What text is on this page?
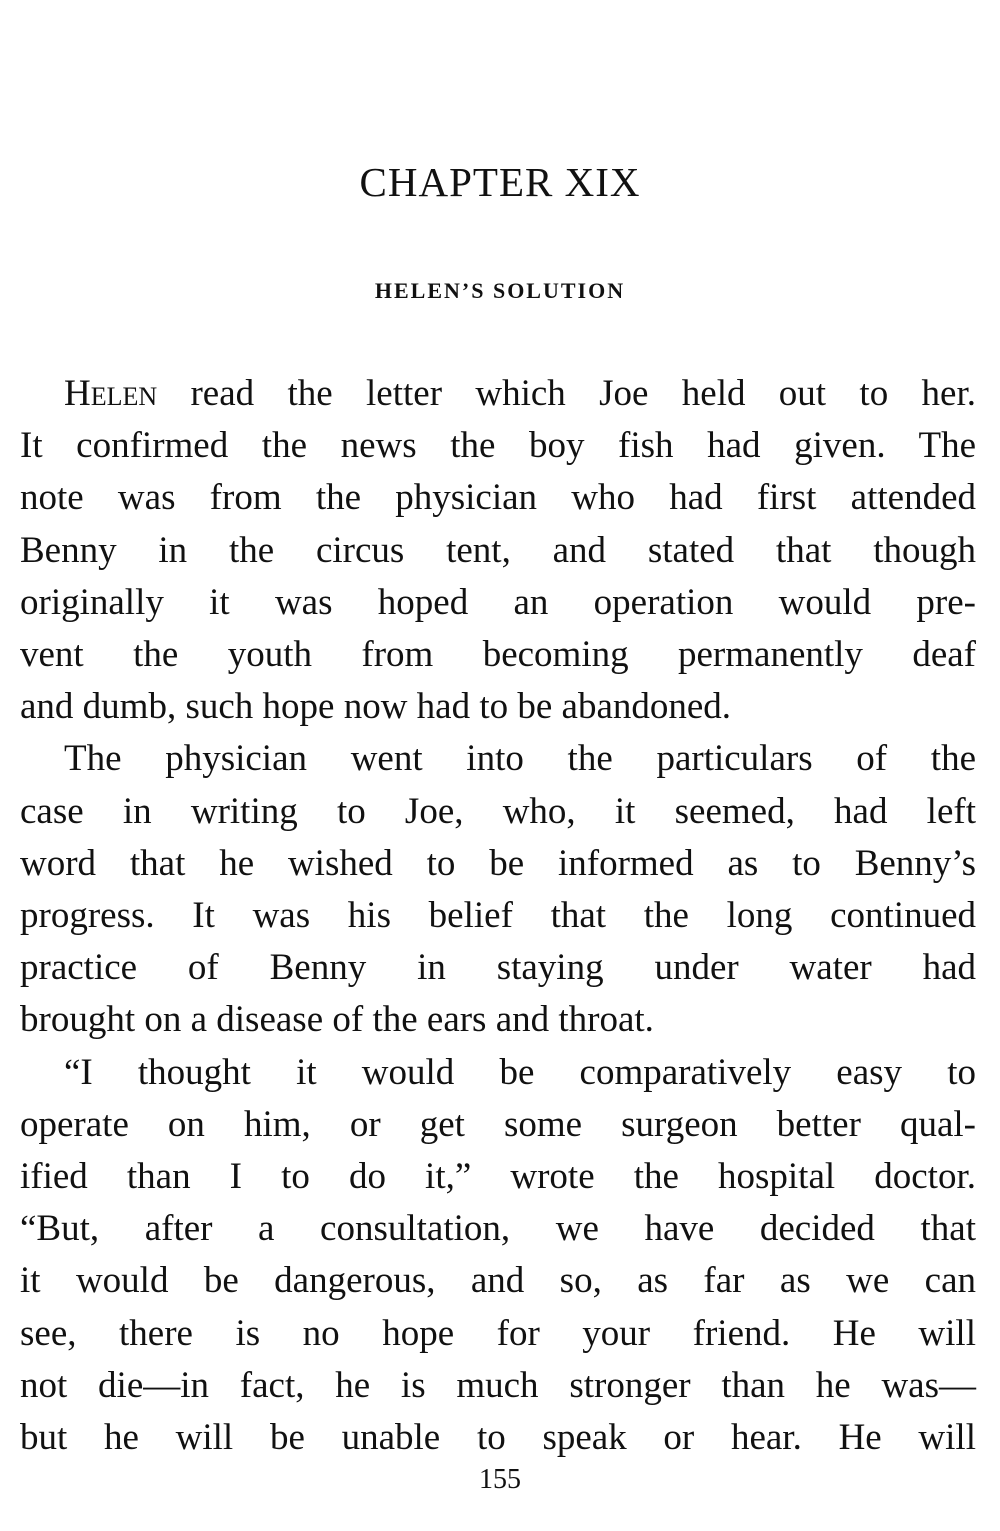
CHAPTER XIX
HELEN’S SOLUTION
Helen read the letter which Joe held out to her.
It confirmed the news the boy fish had given. The
note was from the physician who had first attended
Benny in the circus tent, and stated that though
originally it was hoped an operation would pre-
vent the youth from becoming permanently deaf
and dumb, such hope now had to be abandoned.
The physician went into the particulars of the
case in writing to Joe, who, it seemed, had left
word that he wished to be informed as to Benny’s
progress. It was his belief that the long continued
practice of Benny in staying under water had
brought on a disease of the ears and throat.
“I thought it would be comparatively easy to
operate on him, or get some surgeon better qual-
ified than I to do it,” wrote the hospital doctor.
“But, after a consultation, we have decided that
it would be dangerous, and so, as far as we can
see, there is no hope for your friend. He will
not die—in fact, he is much stronger than he was—
but he will be unable to speak or hear. He will
155
